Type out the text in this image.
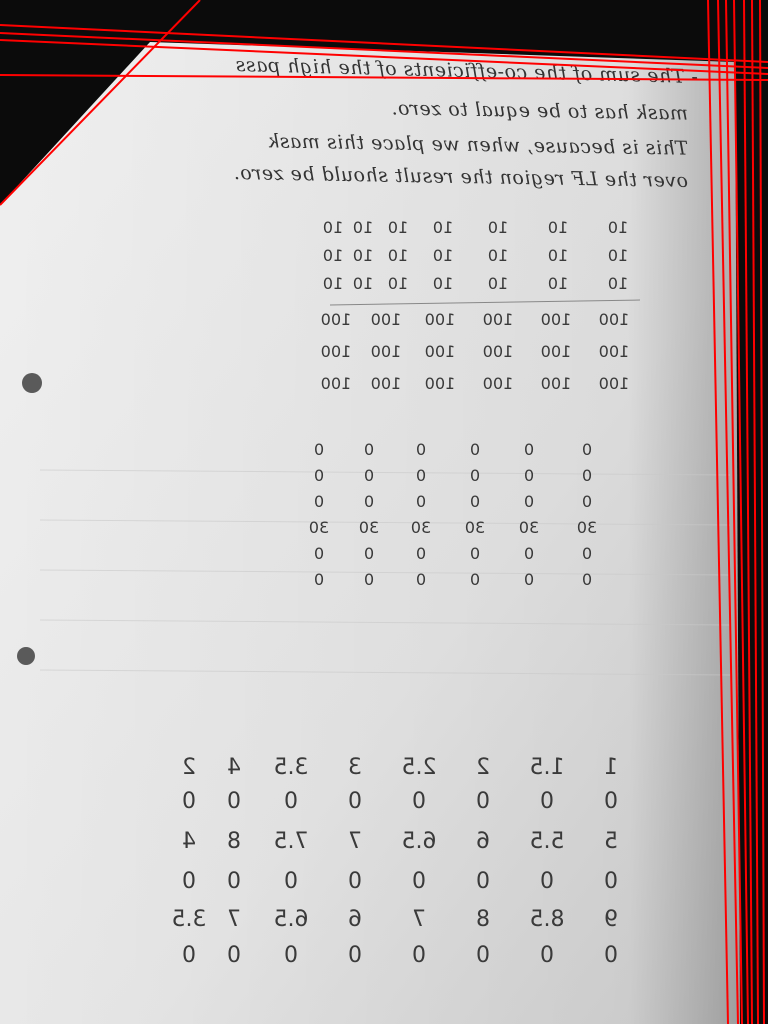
- The sum of the co-efficients of the high pass
mask has to be equal to zero.
This is because, when we place this mask
over the LF region the result should be zero.
10
10
10
10
10
10
10
10
10
10
10
10
10
10
10
10
10
10
10
10
10
100
100
100
100
100
100
100
100
100
100
100
100
100
100
100
100
100
100
0
0
0
0
0
0
0
0
0
0
0
0
0
0
0
0
0
0
30
30
30
30
30
30
0
0
0
0
0
0
0
0
0
0
0
0
1
1.5
2
2.5
3
3.5
4
2
0
0
0
0
0
0
0
0
5
5.5
6
6.5
7
7.5
8
4
0
0
0
0
0
0
0
0
9
8.5
8
7
6
6.5
7
3.5
0
0
0
0
0
0
0
0
